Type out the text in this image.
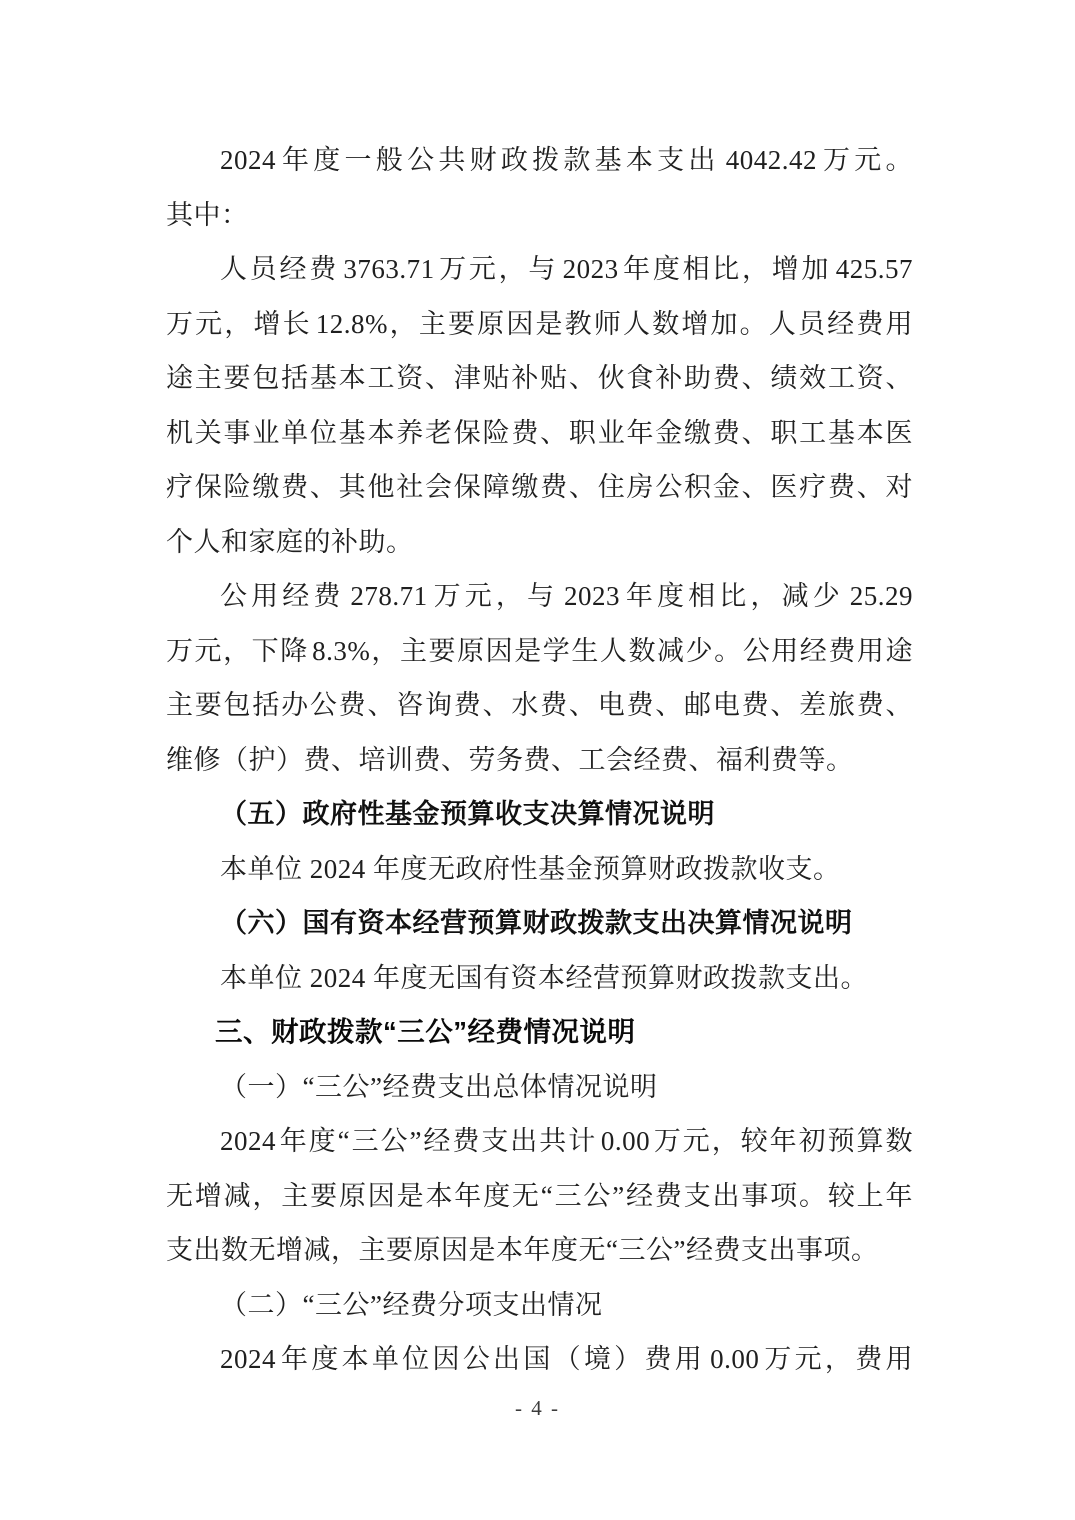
2024 年度一般公共财政拨款基本支出 4042.42 万元。
其中：
人员经费 3763.71 万元，与 2023 年度相比，增加 425.57
万元，增长 12.8%，主要原因是教师人数增加。人员经费用
途主要包括基本工资、津贴补贴、伙食补助费、绩效工资、
机关事业单位基本养老保险费、职业年金缴费、职工基本医
疗保险缴费、其他社会保障缴费、住房公积金、医疗费、对
个人和家庭的补助。
公用经费 278.71 万元，与 2023 年度相比，减少 25.29
万元，下降 8.3%，主要原因是学生人数减少。公用经费用途
主要包括办公费、咨询费、水费、电费、邮电费、差旅费、
维修（护）费、培训费、劳务费、工会经费、福利费等。
（五）政府性基金预算收支决算情况说明
本单位 2024 年度无政府性基金预算财政拨款收支。
（六）国有资本经营预算财政拨款支出决算情况说明
本单位 2024 年度无国有资本经营预算财政拨款支出。
三、财政拨款“三公”经费情况说明
（一）“三公”经费支出总体情况说明
2024 年度“三公”经费支出共计 0.00 万元，较年初预算数
无增减，主要原因是本年度无“三公”经费支出事项。较上年
支出数无增减，主要原因是本年度无“三公”经费支出事项。
（二）“三公”经费分项支出情况
2024 年度本单位因公出国（境）费用 0.00 万元，费用
- 4 -
